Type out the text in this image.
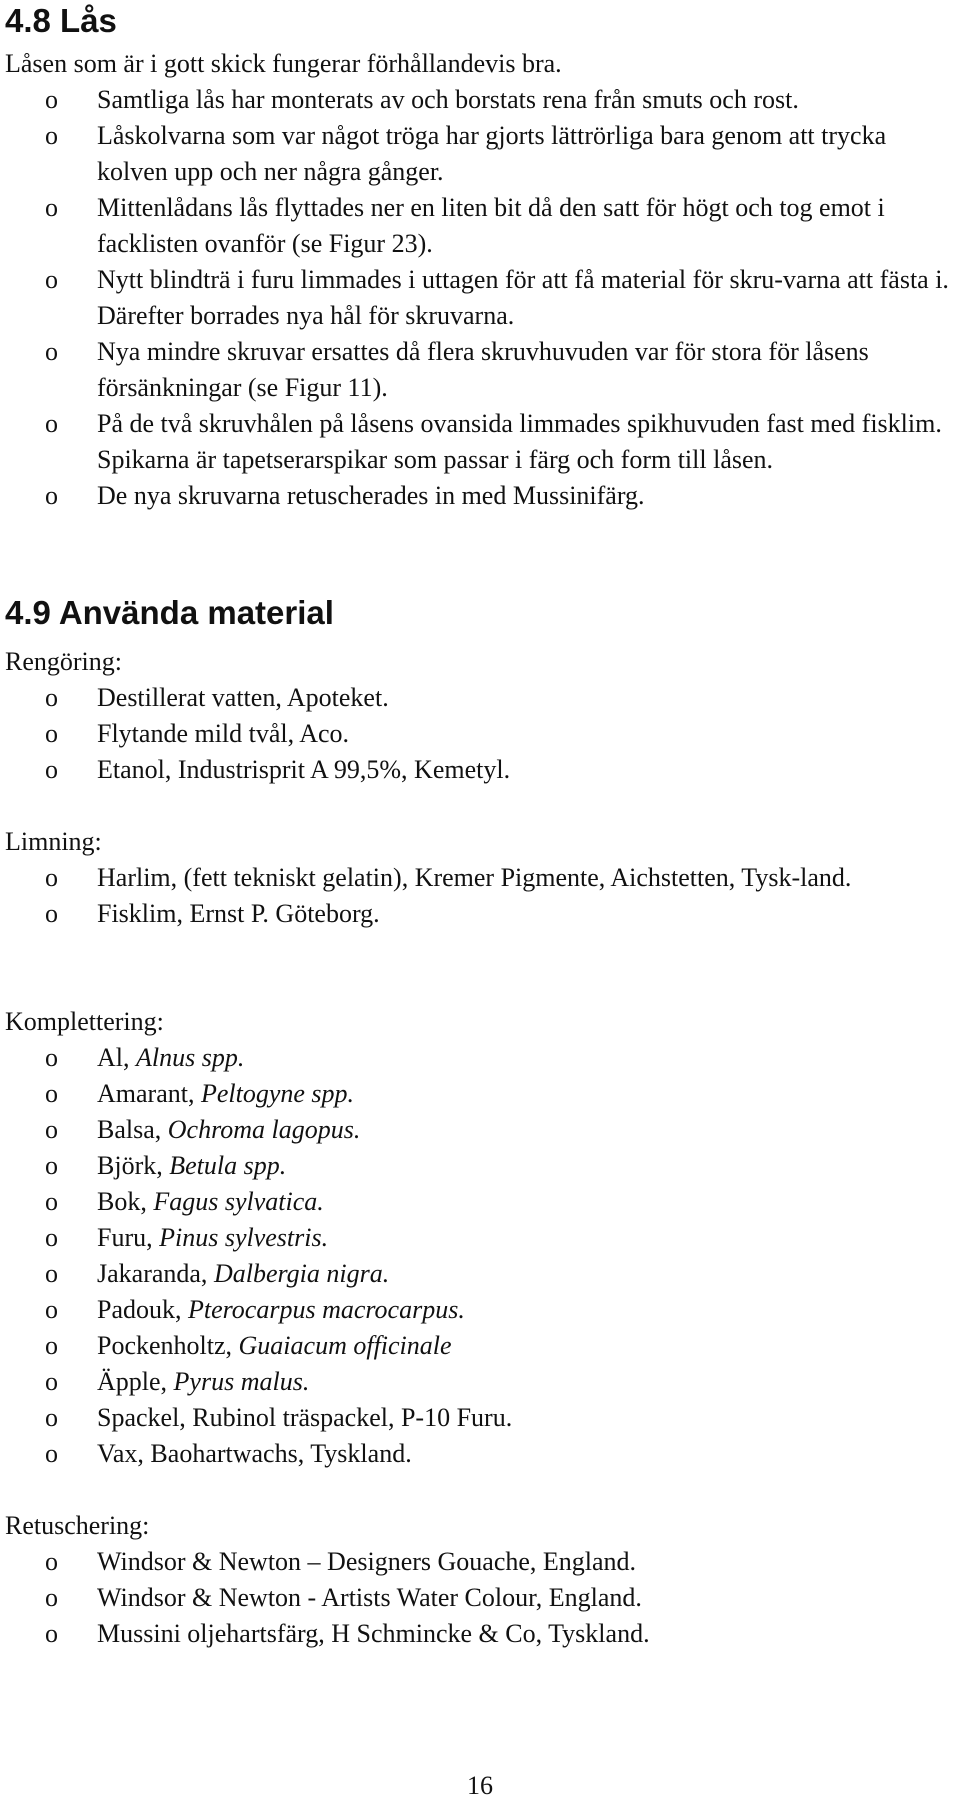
4.8 Lås

Låsen som är i gott skick fungerar förhållandevis bra.

o Samtliga lås har monterats av och borstats rena från smuts och rost.
o Låskolvarna som var något tröga har gjorts lättrörliga bara genom att trycka kolven upp och ner några gånger.
o Mittenlådans lås flyttades ner en liten bit då den satt för högt och tog emot i facklisten ovanför (se Figur 23).
o Nytt blindträ i furu limmades i uttagen för att få material för skru-varna att fästa i. Därefter borrades nya hål för skruvarna.
o Nya mindre skruvar ersattes då flera skruvhuvuden var för stora för låsens försänkningar (se Figur 11).
o På de två skruvhålen på låsens ovansida limmades spikhuvuden fast med fisklim. Spikarna är tapetserarspikar som passar i färg och form till låsen.
o De nya skruvarna retuscherades in med Mussinifärg.
4.9 Använda material

Rengöring:

o Destillerat vatten, Apoteket.
o Flytande mild tvål, Aco.
o Etanol, Industrisprit A 99,5%, Kemetyl.

Limning:

o Harlim, (fett tekniskt gelatin), Kremer Pigmente, Aichstetten, Tysk-land.
o Fisklim, Ernst P. Göteborg.

Komplettering:

o Al, Alnus spp.
o Amarant, Peltogyne spp.
o Balsa, Ochroma lagopus.
o Björk, Betula spp.
o Bok, Fagus sylvatica.
o Furu, Pinus sylvestris.
o Jakaranda, Dalbergia nigra.
o Padouk, Pterocarpus macrocarpus.
o Pockenholtz, Guaiacum officinale
o Äpple, Pyrus malus.
o Spackel, Rubinol träspackel, P-10 Furu.
o Vax, Baohartwachs, Tyskland.

Retuschering:

o Windsor & Newton – Designers Gouache, England.
o Windsor & Newton - Artists Water Colour, England.
o Mussini oljehartsfärg, H Schmincke & Co, Tyskland.
16
